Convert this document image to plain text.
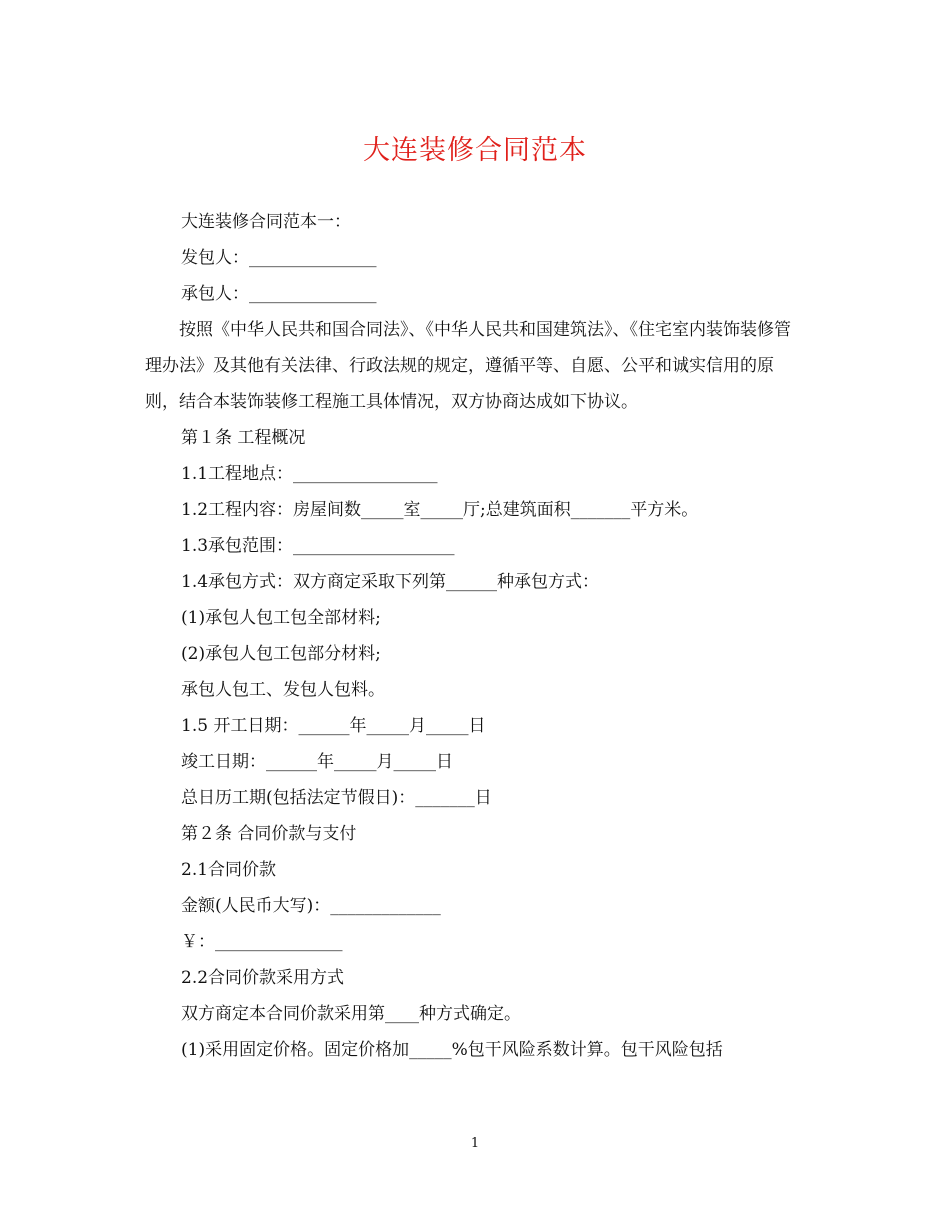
大连装修合同范本

大连装修合同范本一：

发包人：_______________

承包人：_______________

按照《中华人民共和国合同法》、《中华人民共和国建筑法》、《住宅室内装饰装修管理办法》及其他有关法律、行政法规的规定，遵循平等、自愿、公平和诚实信用的原则，结合本装饰装修工程施工具体情况，双方协商达成如下协议。

第１条 工程概况

1.1工程地点：_________________

1.2工程内容：房屋间数_____室_____厅;总建筑面积_______平方米。

1.3承包范围：___________________

1.4承包方式：双方商定采取下列第______种承包方式：

(1)承包人包工包全部材料;

(2)承包人包工包部分材料;

承包人包工、发包人包料。

1.5 开工日期：______年_____月_____日

竣工日期：______年_____月_____日

总日历工期(包括法定节假日)：_______日

第２条 合同价款与支付

2.1合同价款

金额(人民币大写)：_____________

￥：_______________

2.2合同价款采用方式

双方商定本合同价款采用第____种方式确定。

(1)采用固定价格。固定价格加_____%包干风险系数计算。包干风险包括

1
